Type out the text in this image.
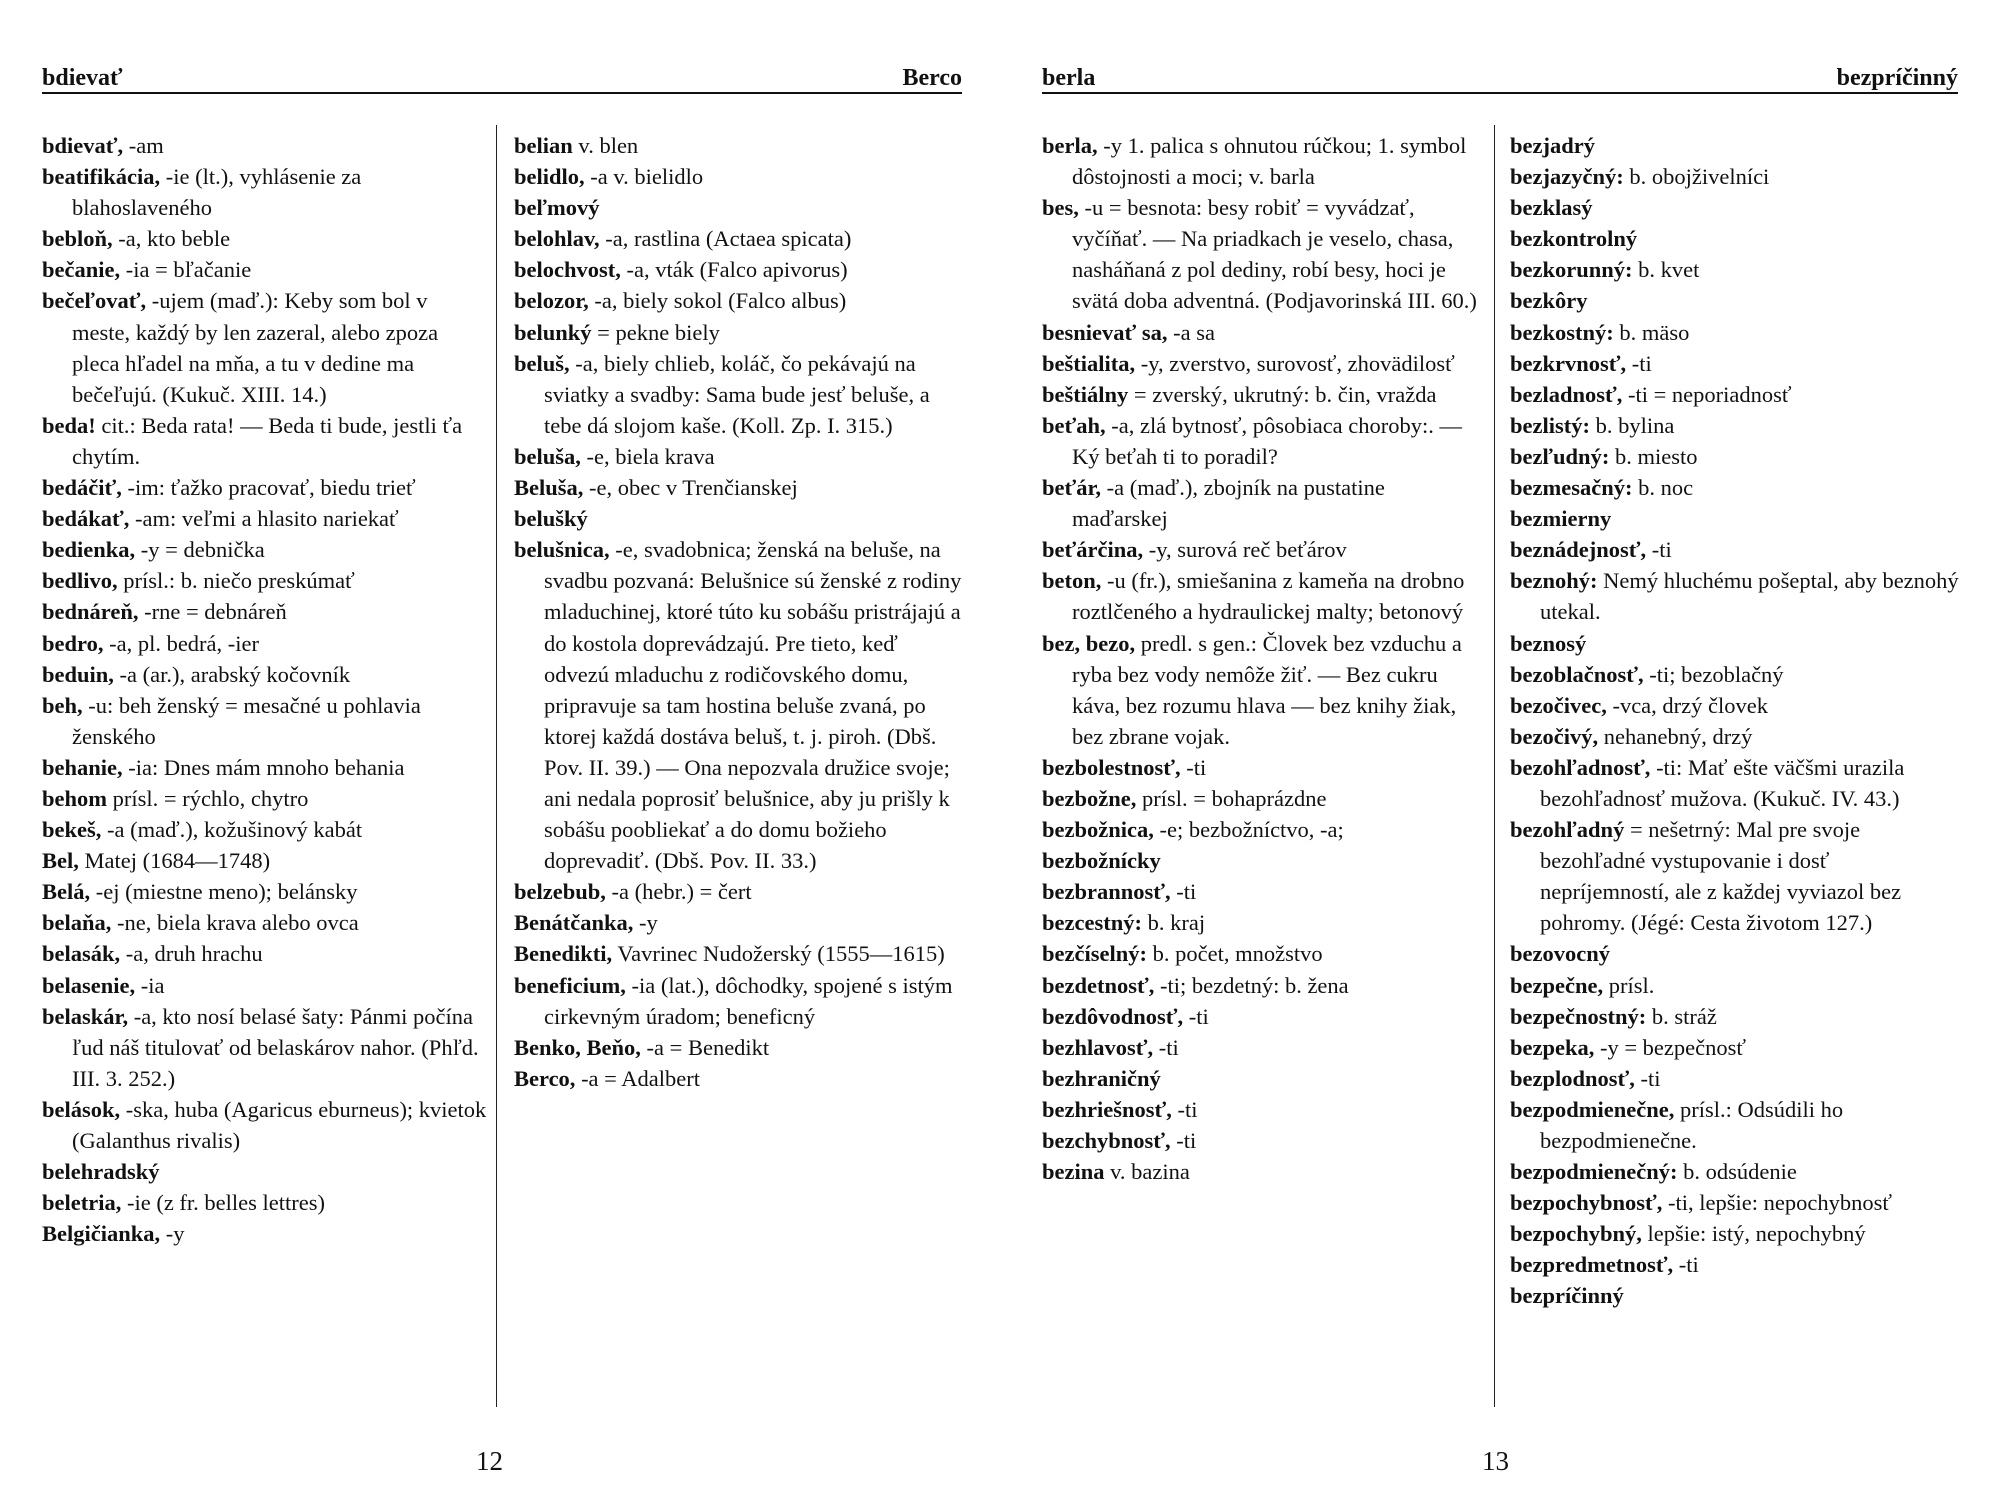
bdievať	Berco
bdievať, -am
beatifikácia, -ie (lt.), vyhlásenie za blahoslaveného
bebloň, -a, kto beble
bečanie, -ia = bľačanie
bečeľovať, -ujem (maď.): Keby som bol v meste, každý by len zazeral, alebo zpoza pleca hľadel na mňa, a tu v dedine ma bečeľujú. (Kukuč. XIII. 14.)
beda! cit.: Beda rata! — Beda ti bude, jestli ťa chytím.
bedáčiť, -im: ťažko pracovať, biedu trieť
bedákať, -am: veľmi a hlasito nariekať
bedienka, -y = debnička
bedlivo, prísl.: b. niečo preskúmať
bednáreň, -rne = debnáreň
bedro, -a, pl. bedrá, -ier
beduin, -a (ar.), arabský kočovník
beh, -u: beh ženský = mesačné u pohlavia ženského
behanie, -ia: Dnes mám mnoho behania
behom prísl. = rýchlo, chytro
bekeš, -a (maď.), kožušinový kabát
Bel, Matej (1684—1748)
Belá, -ej (miestne meno); belánsky
belaňa, -ne, biela krava alebo ovca
belasák, -a, druh hrachu
belasenie, -ia
belaskár, -a, kto nosí belasé šaty: Pánmi počína ľud náš titulovať od belaskárov nahor. (Phľd. III. 3. 252.)
belások, -ska, huba (Agaricus eburneus); kvietok (Galanthus rivalis)
belehradský
beletria, -ie (z fr. belles lettres)
Belgičianka, -y
belian v. blen
belidlo, -a v. bielidlo
beľmový
belohlav, -a, rastlina (Actaea spicata)
belochvost, -a, vták (Falco apivorus)
belozor, -a, biely sokol (Falco albus)
belunký = pekne biely
beluš, -a, biely chlieb, koláč, čo pekávajú na sviatky a svadby: Sama bude jesť beluše, a tebe dá slojom kaše. (Koll. Zp. I. 315.)
beluša, -e, biela krava
Beluša, -e, obec v Trenčianskej
belušký
belušnica, -e, svadobnica; ženská na beluše, na svadbu pozvaná: Belušnice sú ženské z rodiny mladuchinej, ktoré túto ku sobášu pristrájajú a do kostola doprevádzajú. Pre tieto, keď odvezú mladuchu z rodičovského domu, pripravuje sa tam hostina beluše zvaná, po ktorej každá dostáva beluš, t. j. piroh. (Dbš. Pov. II. 39.) — Ona nepozvala družice svoje; ani nedala poprosiť belušnice, aby ju prišly k sobášu poobliekať a do domu božieho doprevadiť. (Dbš. Pov. II. 33.)
belzebub, -a (hebr.) = čert
Benátčanka, -y
Benedikti, Vavrinec Nudožerský (1555—1615)
beneficium, -ia (lat.), dôchodky, spojené s istým cirkevným úradom; beneficný
Benko, Beňo, -a = Benedikt
Berco, -a = Adalbert
12
berla	bezpríčinný
berla, -y 1. palica s ohnutou rúčkou; 1. symbol dôstojnosti a moci; v. barla
bes, -u = besnota: besy robiť = vyvádzať, vyčíňať. — Na priadkach je veselo, chasa, nasháňaná z pol dediny, robí besy, hoci je svätá doba adventná. (Podjavorinská III. 60.)
besnievať sa, -a sa
beštialita, -y, zverstvo, surovosť, zhovädilosť
beštiálny = zverský, ukrutný: b. čin, vražda
beťah, -a, zlá bytnosť, pôsobiaca choroby:. — Ký beťah ti to poradil?
beťár, -a (maď.), zbojník na pustatine maďarskej
beťárčina, -y, surová reč beťárov
beton, -u (fr.), smiešanina z kameňa na drobno roztlčeného a hydraulickej malty; betonový
bez, bezo, predl. s gen.: Človek bez vzduchu a ryba bez vody nemôže žiť. — Bez cukru káva, bez rozumu hlava — bez knihy žiak, bez zbrane vojak.
bezbolestnosť, -ti
bezbožne, prísl. = bohaprázdne
bezbožnica, -e; bezbožníctvo, -a;
bezbožnícky
bezbrannosť, -ti
bezcestný: b. kraj
bezčíselný: b. počet, množstvo
bezdetnosť, -ti; bezdetný: b. žena
bezdôvodnosť, -ti
bezhlavosť, -ti
bezhraničný
bezhriešnosť, -ti
bezchybnosť, -ti
bezina v. bazina
bezjadrý
bezjazyčný: b. obojživelníci
bezklasý
bezkontrolný
bezkorunný: b. kvet
bezkôry
bezkostný: b. mäso
bezkrvnosť, -ti
bezladnosť, -ti = neporiadnosť
bezlistý: b. bylina
bezľudný: b. miesto
bezmesačný: b. noc
bezmierny
beznádejnosť, -ti
beznohý: Nemý hluchému pošeptal, aby beznohý utekal.
beznosý
bezoblačnosť, -ti; bezoblačný
bezočivec, -vca, drzý človek
bezočivý, nehanebný, drzý
bezohľadnosť, -ti: Mať ešte väčšmi urazila bezohľadnosť mužova. (Kukuč. IV. 43.)
bezohľadný = nešetrný: Mal pre svoje bezohľadné vystupovanie i dosť nepríjemností, ale z každej vyviazol bez pohromy. (Jégé: Cesta životom 127.)
bezovocný
bezpečne, prísl.
bezpečnostný: b. stráž
bezpeka, -y = bezpečnosť
bezplodnosť, -ti
bezpodmienečne, prísl.: Odsúdili ho bezpodmienečne.
bezpodmienečný: b. odsúdenie
bezpochybnosť, -ti, lepšie: nepochybnosť
bezpochybný, lepšie: istý, nepochybný
bezpredmetnosť, -ti
bezpríčinný
13
